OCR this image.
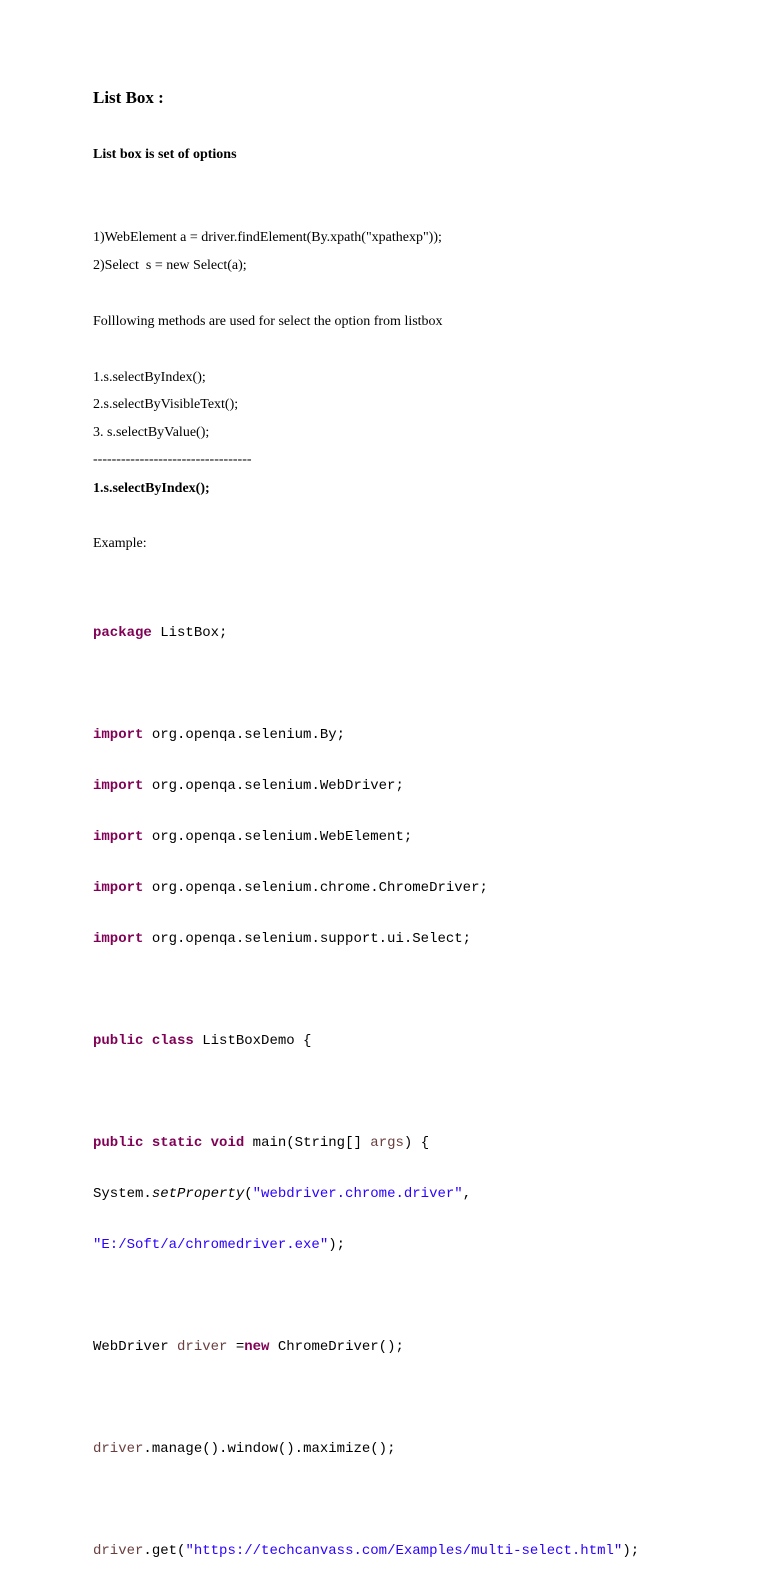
List Box :
List box is set of options
1)WebElement a = driver.findElement(By.xpath("xpathexp"));
2)Select  s = new Select(a);
Folllowing methods are used for select the option from listbox
1.s.selectByIndex();
2.s.selectByVisibleText();
3. s.selectByValue();
----------------------------------
1.s.selectByIndex();
Example:

package ListBox;

import org.openqa.selenium.By;

import org.openqa.selenium.WebDriver;

import org.openqa.selenium.WebElement;

import org.openqa.selenium.chrome.ChromeDriver;

import org.openqa.selenium.support.ui.Select;

public class ListBoxDemo {

public static void main(String[] args) {

System.setProperty("webdriver.chrome.driver",

"E:/Soft/a/chromedriver.exe");

WebDriver driver =new ChromeDriver();

driver.manage().window().maximize();

driver.get("https://techcanvass.com/Examples/multi-select.html");
